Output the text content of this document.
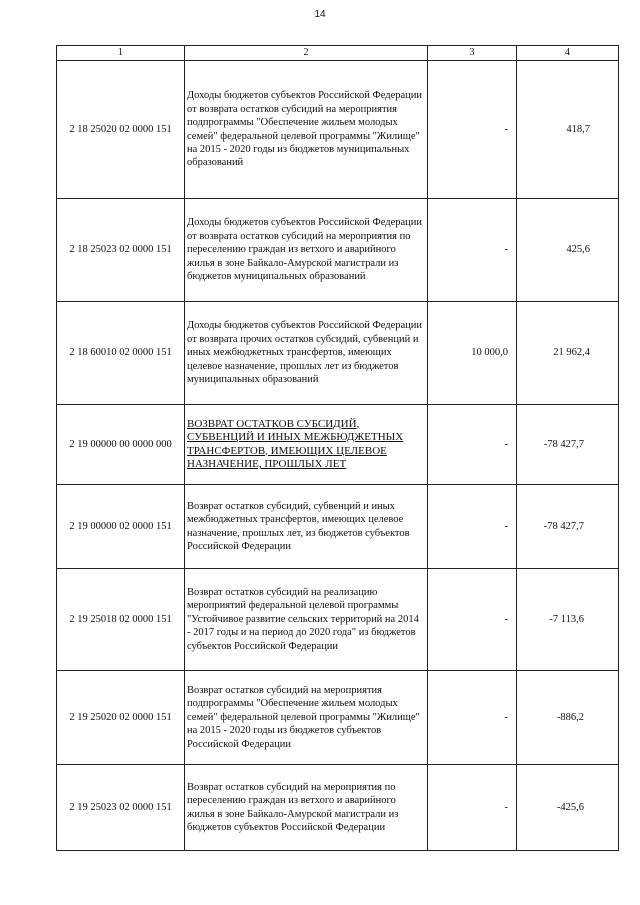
14
1	2	3	4
2 18 25020 02 0000 151	Доходы бюджетов субъектов Российской Федерации от возврата остатков субсидий на мероприятия подпрограммы "Обеспечение жильем молодых семей" федеральной целевой программы "Жилище" на 2015 - 2020 годы из бюджетов муниципальных образований	-	418,7
2 18 25023 02 0000 151	Доходы бюджетов субъектов Российской Федерации от возврата остатков субсидий на мероприятия по переселению граждан из ветхого и аварийного жилья в зоне Байкало-Амурской магистрали из бюджетов муниципальных образований	-	425,6
2 18 60010 02 0000 151	Доходы бюджетов субъектов Российской Федерации от возврата прочих остатков субсидий, субвенций и иных межбюджетных трансфертов, имеющих целевое назначение, прошлых лет из бюджетов муниципальных образований	10 000,0	21 962,4
2 19 00000 00 0000 000	ВОЗВРАТ ОСТАТКОВ СУБСИДИЙ, СУБВЕНЦИЙ И ИНЫХ МЕЖБЮДЖЕТНЫХ ТРАНСФЕРТОВ, ИМЕЮЩИХ ЦЕЛЕВОЕ НАЗНАЧЕНИЕ, ПРОШЛЫХ ЛЕТ	-	-78 427,7
2 19 00000 02 0000 151	Возврат остатков субсидий, субвенций и иных межбюджетных трансфертов, имеющих целевое назначение, прошлых лет, из бюджетов субъектов Российской Федерации	-	-78 427,7
2 19 25018 02 0000 151	Возврат остатков субсидий на реализацию мероприятий федеральной целевой программы "Устойчивое развитие сельских территорий на 2014 - 2017 годы и на период до 2020 года" из бюджетов субъектов Российской Федерации	-	-7 113,6
2 19 25020 02 0000 151	Возврат остатков субсидий на мероприятия подпрограммы "Обеспечение жильем молодых семей" федеральной целевой программы "Жилище" на 2015 - 2020 годы из бюджетов субъектов Российской Федерации	-	-886,2
2 19 25023 02 0000 151	Возврат остатков субсидий на мероприятия по переселению граждан из ветхого и аварийного жилья в зоне Байкало-Амурской магистрали из бюджетов субъектов Российской Федерации	-	-425,6
